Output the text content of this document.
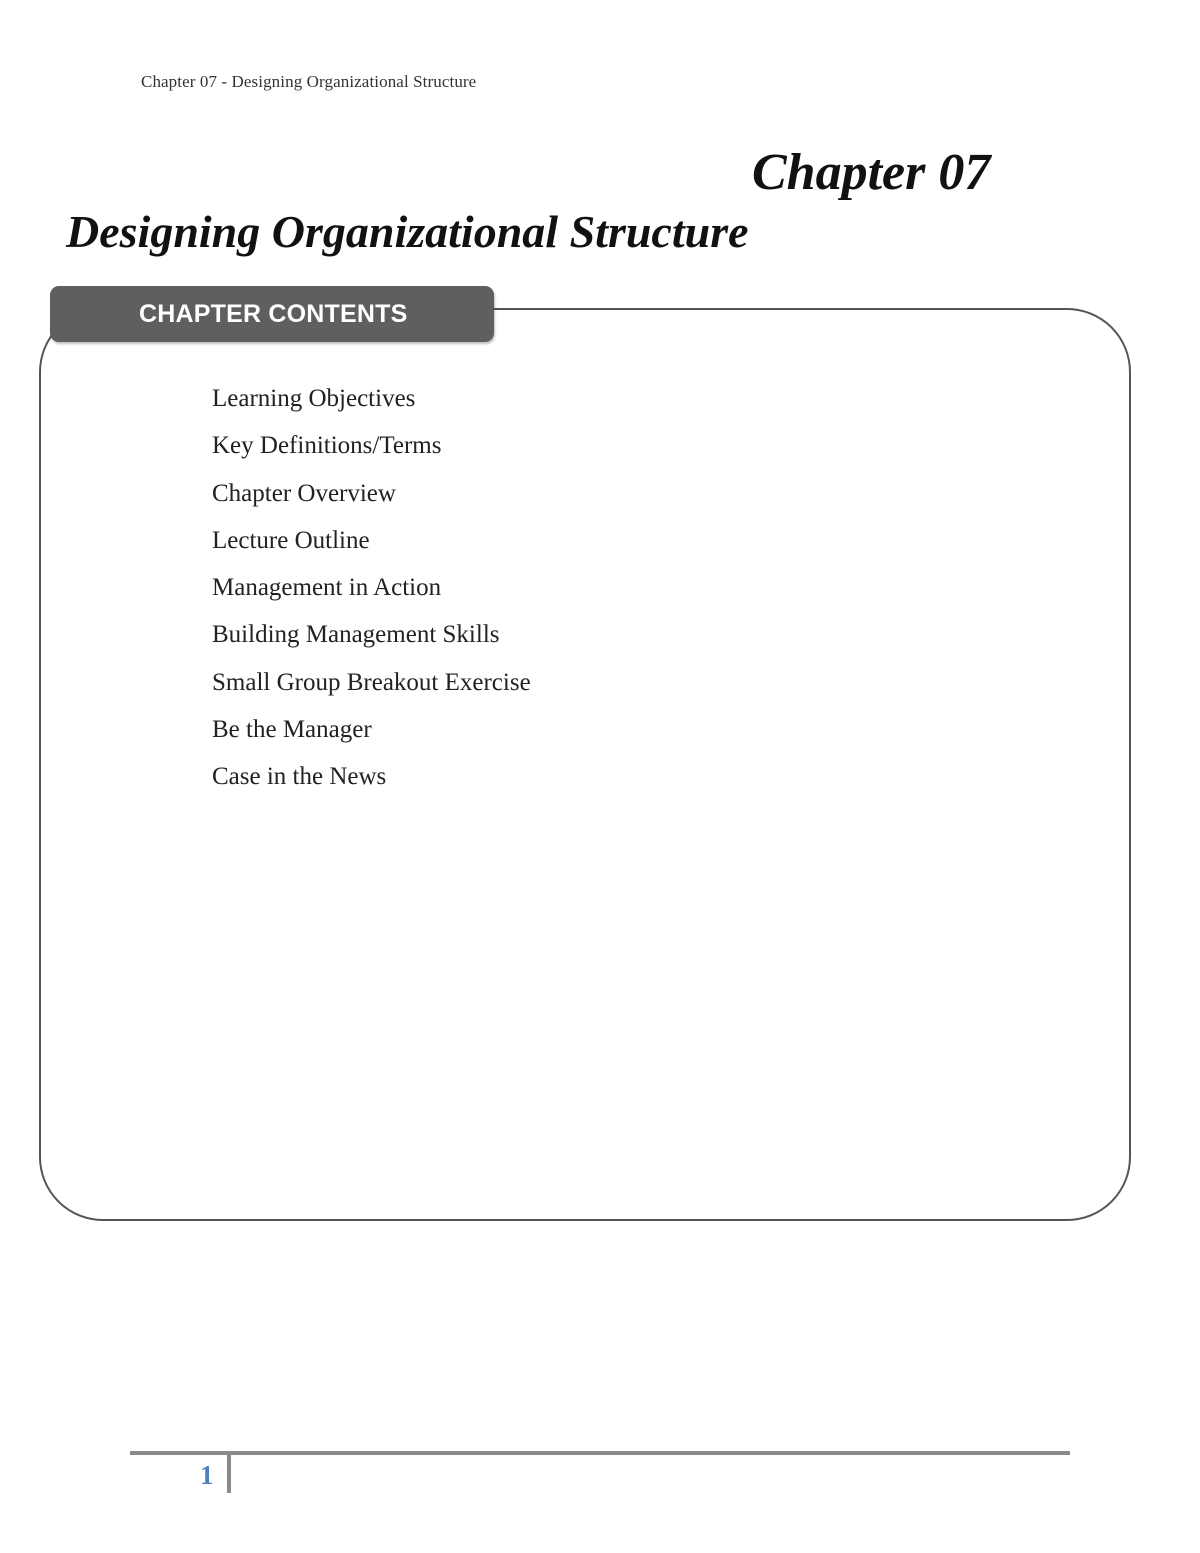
Chapter 07 - Designing Organizational Structure
Chapter 07
Designing Organizational Structure
CHAPTER CONTENTS
Learning Objectives
Key Definitions/Terms
Chapter Overview
Lecture Outline
Management in Action
Building Management Skills
Small Group Breakout Exercise
Be the Manager
Case in the News
1
